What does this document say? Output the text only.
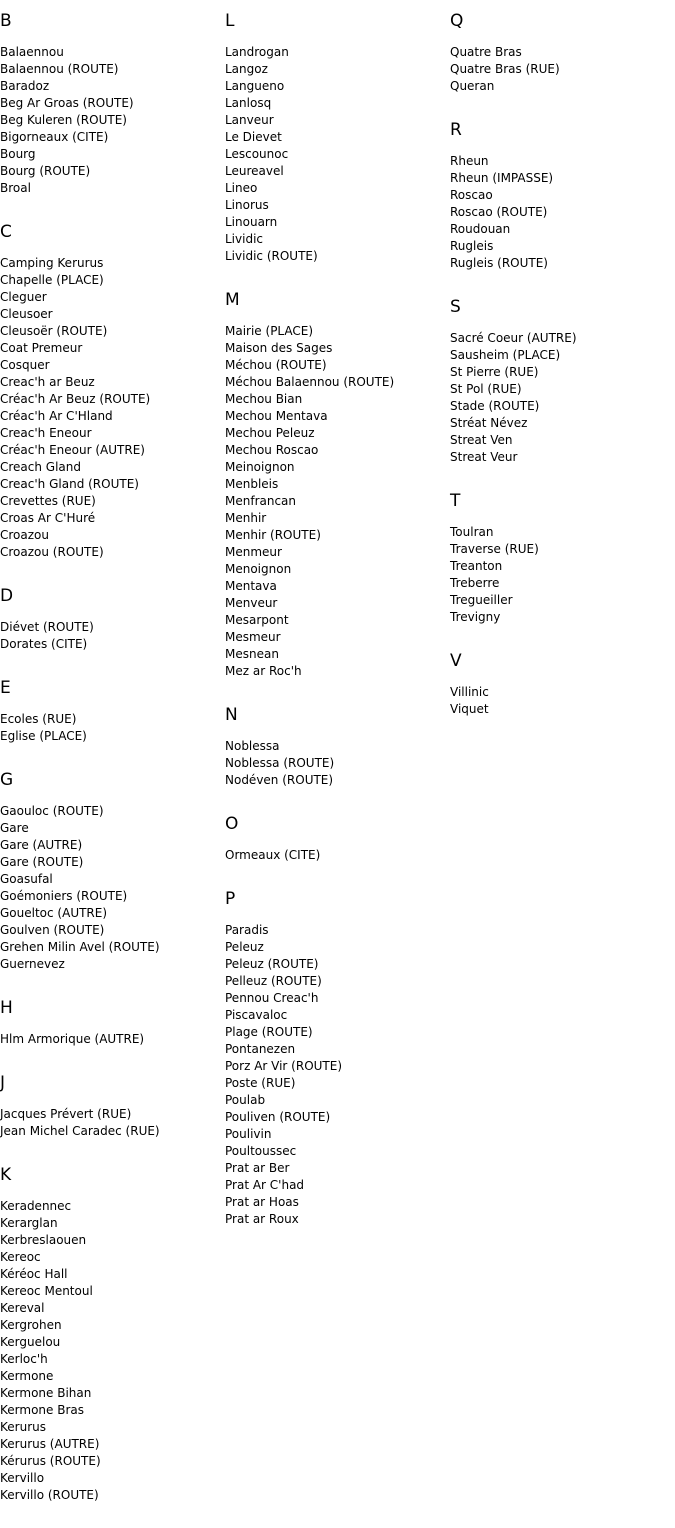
B
Balaennou
Balaennou (ROUTE)
Baradoz
Beg Ar Groas (ROUTE)
Beg Kuleren (ROUTE)
Bigorneaux (CITE)
Bourg
Bourg (ROUTE)
Broal
C
Camping Kerurus
Chapelle (PLACE)
Cleguer
Cleusoer
Cleusoër (ROUTE)
Coat Premeur
Cosquer
Creac'h ar Beuz
Créac'h Ar Beuz (ROUTE)
Créac'h Ar C'Hland
Creac'h Eneour
Créac'h Eneour (AUTRE)
Creach Gland
Creac'h Gland (ROUTE)
Crevettes (RUE)
Croas Ar C'Huré
Croazou
Croazou (ROUTE)
D
Diévet (ROUTE)
Dorates (CITE)
E
Ecoles (RUE)
Eglise (PLACE)
G
Gaouloc (ROUTE)
Gare
Gare (AUTRE)
Gare (ROUTE)
Goasufal
Goémoniers (ROUTE)
Goueltoc (AUTRE)
Goulven (ROUTE)
Grehen Milin Avel (ROUTE)
Guernevez
H
Hlm Armorique (AUTRE)
J
Jacques Prévert (RUE)
Jean Michel Caradec (RUE)
K
Keradennec
Kerarglan
Kerbreslaouen
Kereoc
Kéréoc Hall
Kereoc Mentoul
Kereval
Kergrohen
Kerguelou
Kerloc'h
Kermone
Kermone Bihan
Kermone Bras
Kerurus
Kerurus (AUTRE)
Kérurus (ROUTE)
Kervillo
Kervillo (ROUTE)
L
Landrogan
Langoz
Langueno
Lanlosq
Lanveur
Le Dievet
Lescounoc
Leureavel
Lineo
Linorus
Linouarn
Lividic
Lividic (ROUTE)
M
Mairie (PLACE)
Maison des Sages
Méchou (ROUTE)
Méchou Balaennou (ROUTE)
Mechou Bian
Mechou Mentava
Mechou Peleuz
Mechou Roscao
Meinoignon
Menbleis
Menfrancan
Menhir
Menhir (ROUTE)
Menmeur
Menoignon
Mentava
Menveur
Mesarpont
Mesmeur
Mesnean
Mez ar Roc'h
N
Noblessa
Noblessa (ROUTE)
Nodéven (ROUTE)
O
Ormeaux (CITE)
P
Paradis
Peleuz
Peleuz (ROUTE)
Pelleuz (ROUTE)
Pennou Creac'h
Piscavaloc
Plage (ROUTE)
Pontanezen
Porz Ar Vir (ROUTE)
Poste (RUE)
Poulab
Pouliven (ROUTE)
Poulivin
Poultoussec
Prat ar Ber
Prat Ar C'had
Prat ar Hoas
Prat ar Roux
Q
Quatre Bras
Quatre Bras (RUE)
Queran
R
Rheun
Rheun (IMPASSE)
Roscao
Roscao (ROUTE)
Roudouan
Rugleis
Rugleis (ROUTE)
S
Sacré Coeur (AUTRE)
Sausheim (PLACE)
St Pierre (RUE)
St Pol (RUE)
Stade (ROUTE)
Stréat Névez
Streat Ven
Streat Veur
T
Toulran
Traverse (RUE)
Treanton
Treberre
Tregueiller
Trevigny
V
Villinic
Viquet
